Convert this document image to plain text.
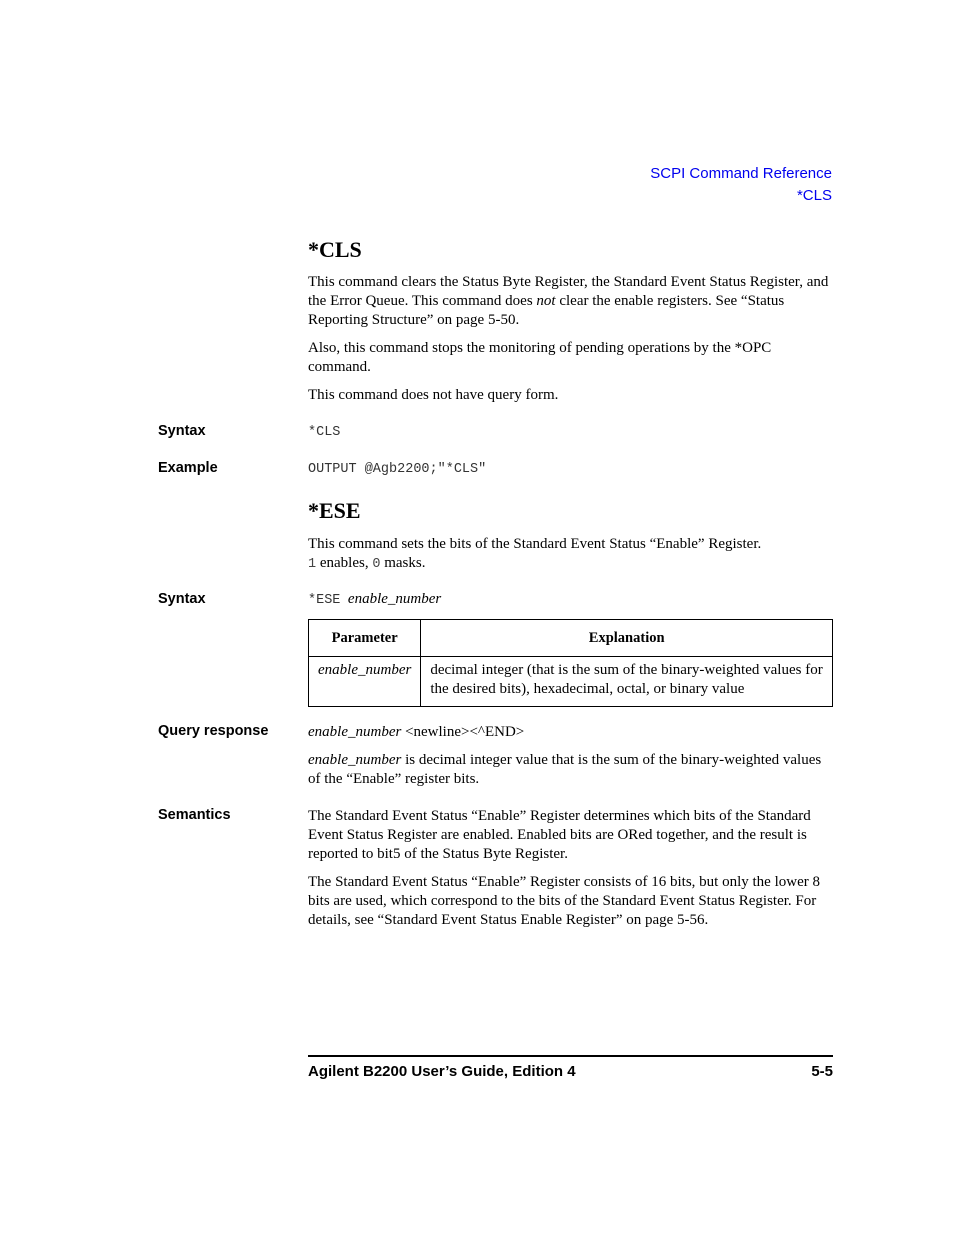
SCPI Command Reference
*CLS
*CLS
This command clears the Status Byte Register, the Standard Event Status Register, and the Error Queue. This command does not clear the enable registers. See “Status Reporting Structure” on page 5-50.
Also, this command stops the monitoring of pending operations by the *OPC command.
This command does not have query form.
Syntax	*CLS
Example	OUTPUT @Agb2200;"*CLS"
*ESE
This command sets the bits of the Standard Event Status “Enable” Register.
1 enables, 0 masks.
Syntax	*ESE enable_number
Parameter	Explanation
enable_number	decimal integer (that is the sum of the binary-weighted values for the desired bits), hexadecimal, octal, or binary value
Query response	enable_number <newline><^END>
enable_number is decimal integer value that is the sum of the binary-weighted values of the “Enable” register bits.
Semantics	The Standard Event Status “Enable” Register determines which bits of the Standard Event Status Register are enabled. Enabled bits are ORed together, and the result is reported to bit5 of the Status Byte Register.
The Standard Event Status “Enable” Register consists of 16 bits, but only the lower 8 bits are used, which correspond to the bits of the Standard Event Status Register. For details, see “Standard Event Status Enable Register” on page 5-56.
Agilent B2200 User’s Guide, Edition 4	5-5
